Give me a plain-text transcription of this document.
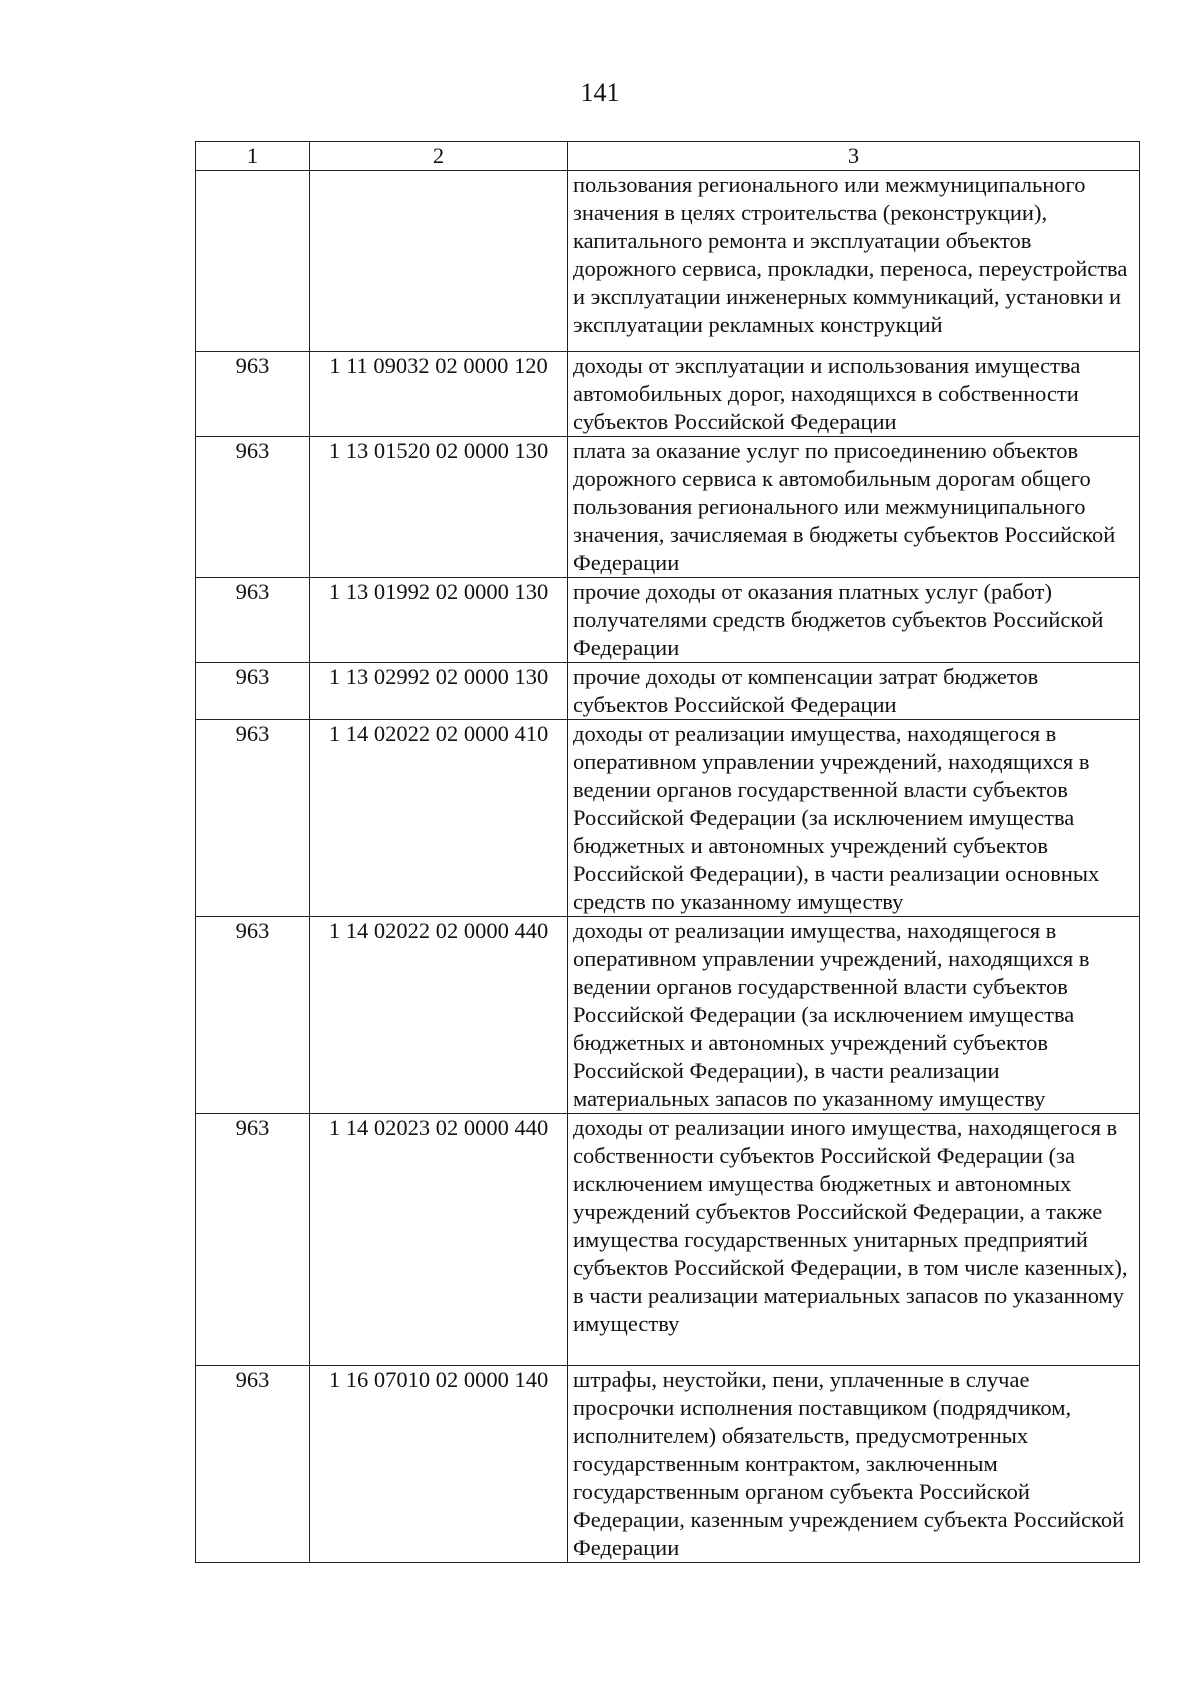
141
1	2	3
		пользования регионального или межмуниципального значения в целях строительства (реконструкции), капитального ремонта и эксплуатации объектов дорожного сервиса, прокладки, переноса, переустройства и эксплуатации инженерных коммуникаций, установки и эксплуатации рекламных конструкций
963	1 11 09032 02 0000 120	доходы от эксплуатации и использования имущества автомобильных дорог, находящихся в собственности субъектов Российской Федерации
963	1 13 01520 02 0000 130	плата за оказание услуг по присоединению объектов дорожного сервиса к автомобильным дорогам общего пользования регионального или межмуниципального значения, зачисляемая в бюджеты субъектов Российской Федерации
963	1 13 01992 02 0000 130	прочие доходы от оказания платных услуг (работ) получателями средств бюджетов субъектов Российской Федерации
963	1 13 02992 02 0000 130	прочие доходы от компенсации затрат бюджетов субъектов Российской Федерации
963	1 14 02022 02 0000 410	доходы от реализации имущества, находящегося в оперативном управлении учреждений, находящихся в ведении органов государственной власти субъектов Российской Федерации (за исключением имущества бюджетных и автономных учреждений субъектов Российской Федерации), в части реализации основных средств по указанному имуществу
963	1 14 02022 02 0000 440	доходы от реализации имущества, находящегося в оперативном управлении учреждений, находящихся в ведении органов государственной власти субъектов Российской Федерации (за исключением имущества бюджетных и автономных учреждений субъектов Российской Федерации), в части реализации материальных запасов по указанному имуществу
963	1 14 02023 02 0000 440	доходы от реализации иного имущества, находящегося в собственности субъектов Российской Федерации (за исключением имущества бюджетных и автономных учреждений субъектов Российской Федерации, а также имущества государственных унитарных предприятий субъектов Российской Федерации, в том числе казенных), в части реализации материальных запасов по указанному имуществу
963	1 16 07010 02 0000 140	штрафы, неустойки, пени, уплаченные в случае просрочки исполнения поставщиком (подрядчиком, исполнителем) обязательств, предусмотренных государственным контрактом, заключенным государственным органом субъекта Российской Федерации, казенным учреждением субъекта Российской Федерации
